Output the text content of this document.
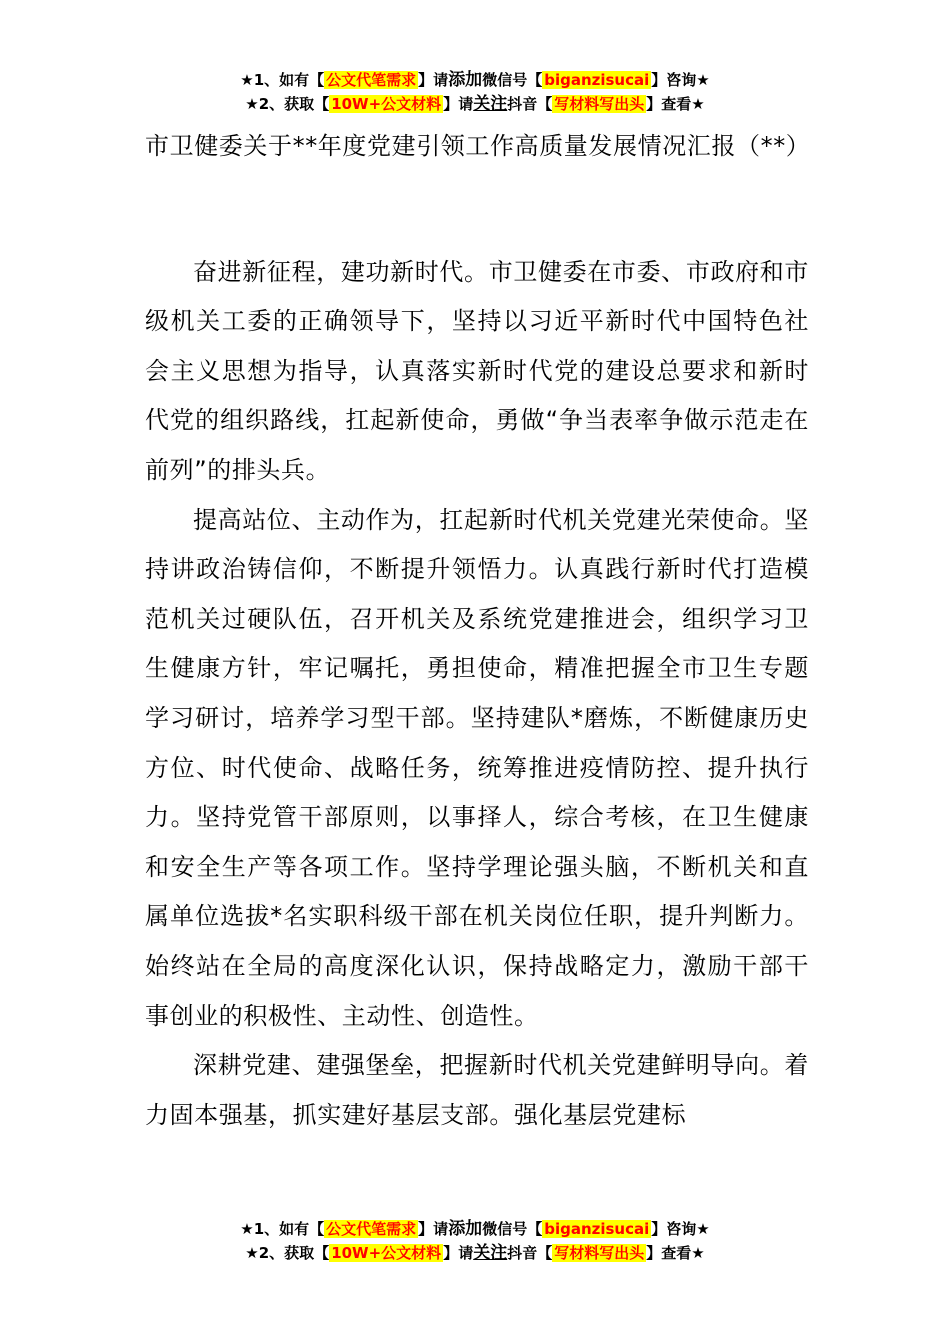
★1、如有【 公文代笔需求 】请添加微信号【 biganzisucai 】咨询★
★2、获取【 10W+公文材料 】请关注抖音【 写材料写出头 】查看★
市卫健委关于**年度党建引领工作高质量发展情况汇报（**）

奋进新征程，建功新时代。市卫健委在市委、市政府和市级机关工委的正确领导下，坚持以习近平新时代中国特色社会主义思想为指导，认真落实新时代党的建设总要求和新时代党的组织路线，扛起新使命，勇做“争当表率争做示范走在前列”的排头兵。

提高站位、主动作为，扛起新时代机关党建光荣使命。坚持讲政治铸信仰，不断提升领悟力。认真践行新时代打造模范机关过硬队伍，召开机关及系统党建推进会，组织学习卫生健康方针，牢记嘱托，勇担使命，精准把握全市卫生专题学习研讨，培养学习型干部。坚持建队*磨炼，不断健康历史方位、时代使命、战略任务，统筹推进疫情防控、提升执行力。坚持党管干部原则，以事择人，综合考核，在卫生健康和安全生产等各项工作。坚持学理论强头脑，不断机关和直属单位选拔*名实职科级干部在机关岗位任职，提升判断力。始终站在全局的高度深化认识，保持战略定力，激励干部干事创业的积极性、主动性、创造性。

深耕党建、建强堡垒，把握新时代机关党建鲜明导向。着力固本强基，抓实建好基层支部。强化基层党建标

★1、如有【 公文代笔需求 】请添加微信号【 biganzisucai 】咨询★
★2、获取【 10W+公文材料 】请关注抖音【 写材料写出头 】查看★
